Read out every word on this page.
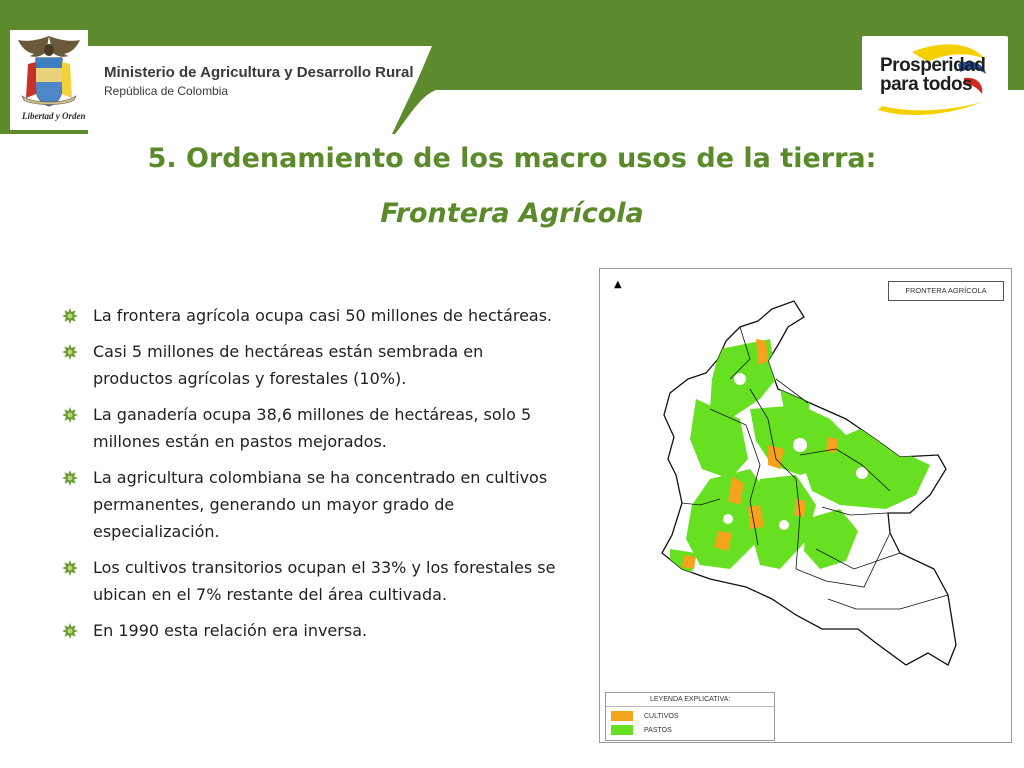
Libertad y Orden
Ministerio de Agricultura y Desarrollo Rural
República de Colombia
Prosperidad
para todos
5. Ordenamiento de los macro usos de la tierra:
Frontera Agrícola
La frontera agrícola ocupa casi 50 millones de hectáreas.
Casi 5 millones de hectáreas están sembrada en productos agrícolas y forestales (10%).
La ganadería ocupa 38,6 millones de hectáreas, solo 5 millones están en pastos mejorados.
La agricultura colombiana se ha concentrado en cultivos permanentes, generando un mayor grado de especialización.
Los cultivos transitorios ocupan el 33% y los forestales se ubican en el 7% restante del área cultivada.
En 1990 esta relación era inversa.
▲
FRONTERA AGRÍCOLA
LEYENDA EXPLICATIVA:
CULTIVOS
PASTOS
